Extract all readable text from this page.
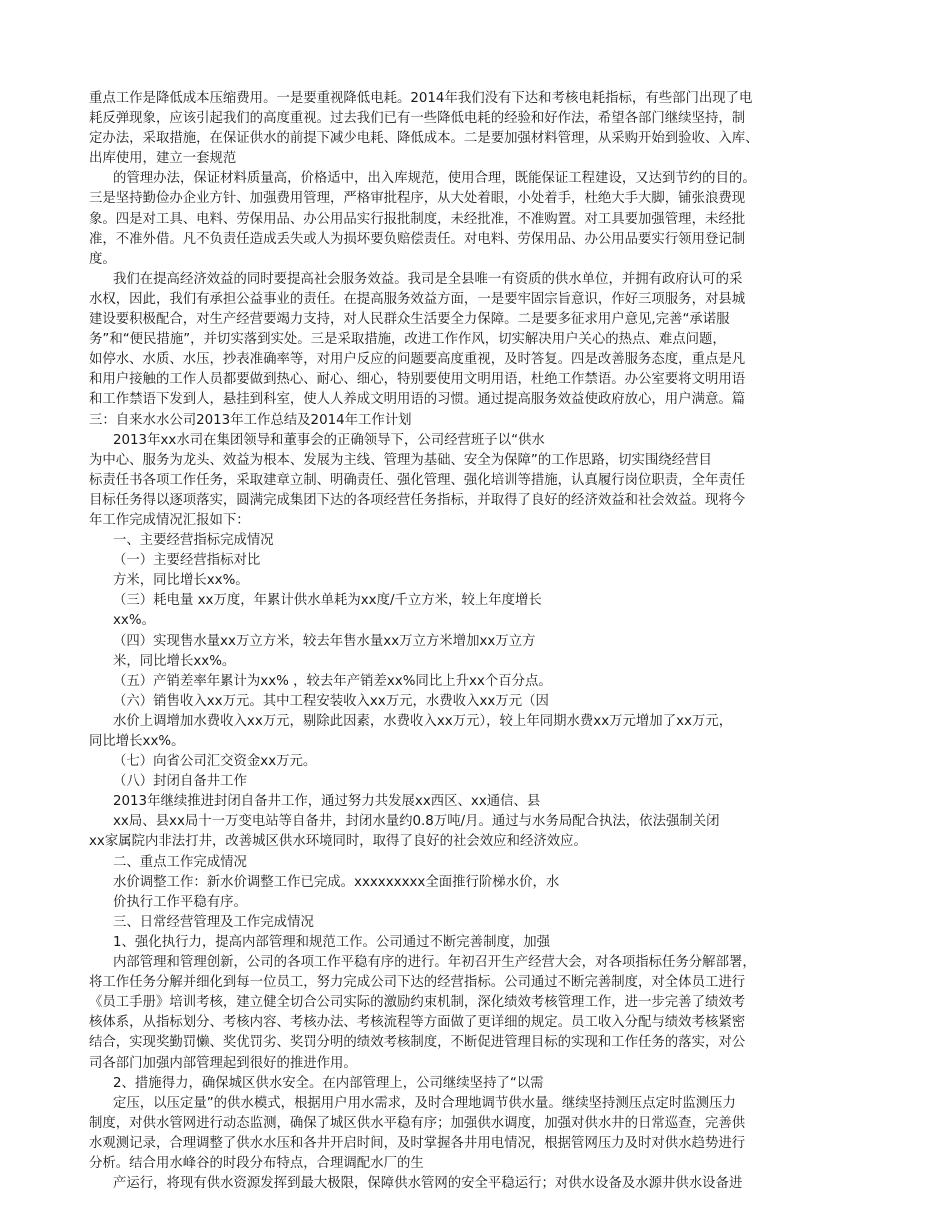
重点工作是降低成本压缩费用。一是要重视降低电耗。2014年我们没有下达和考核电耗指标，有些部门出现了电
耗反弹现象，应该引起我们的高度重视。过去我们已有一些降低电耗的经验和好作法，希望各部门继续坚持，制
定办法，采取措施，在保证供水的前提下减少电耗、降低成本。二是要加强材料管理，从采购开始到验收、入库、
出库使用，建立一套规范
的管理办法，保证材料质量高，价格适中，出入库规范，使用合理，既能保证工程建设，又达到节约的目的。
三是坚持勤俭办企业方针、加强费用管理，严格审批程序，从大处着眼，小处着手，杜绝大手大脚，铺张浪费现
象。四是对工具、电料、劳保用品、办公用品实行报批制度，未经批准，不准购置。对工具要加强管理，未经批
准，不准外借。凡不负责任造成丢失或人为损坏要负赔偿责任。对电料、劳保用品、办公用品要实行领用登记制
度。
我们在提高经济效益的同时要提高社会服务效益。我司是全县唯一有资质的供水单位，并拥有政府认可的采
水权，因此，我们有承担公益事业的责任。在提高服务效益方面，一是要牢固宗旨意识，作好三项服务，对县城
建设要积极配合，对生产经营要竭力支持，对人民群众生活要全力保障。二是要多征求用户意见,完善“承诺服
务”和“便民措施”，并切实落到实处。三是采取措施，改进工作作风，切实解决用户关心的热点、难点问题，
如停水、水质、水压，抄表准确率等，对用户反应的问题要高度重视，及时答复。四是改善服务态度，重点是凡
和用户接触的工作人员都要做到热心、耐心、细心，特别要使用文明用语，杜绝工作禁语。办公室要将文明用语
和工作禁语下发到人，悬挂到科室，使人人养成文明用语的习惯。通过提高服务效益使政府放心，用户满意。篇
三：自来水水公司2013年工作总结及2014年工作计划
2013年xx水司在集团领导和董事会的正确领导下，公司经营班子以“供水
为中心、服务为龙头、效益为根本、发展为主线、管理为基础、安全为保障”的工作思路，切实围绕经营目
标责任书各项工作任务，采取建章立制、明确责任、强化管理、强化培训等措施，认真履行岗位职责，全年责任
目标任务得以逐项落实，圆满完成集团下达的各项经营任务指标，并取得了良好的经济效益和社会效益。现将今
年工作完成情况汇报如下：
一、主要经营指标完成情况
（一）主要经营指标对比
方米，同比增长xx%。
（三）耗电量 xx万度，年累计供水单耗为xx度/千立方米，较上年度增长
xx%。
（四）实现售水量xx万立方米，较去年售水量xx万立方米增加xx万立方
米，同比增长xx%。
（五）产销差率年累计为xx% ，较去年产销差xx%同比上升xx个百分点。
（六）销售收入xx万元。其中工程安装收入xx万元，水费收入xx万元（因
水价上调增加水费收入xx万元，剔除此因素，水费收入xx万元），较上年同期水费xx万元增加了xx万元，
同比增长xx%。
（七）向省公司汇交资金xx万元。
（八）封闭自备井工作
2013年继续推进封闭自备井工作，通过努力共发展xx西区、xx通信、县
xx局、县xx局十一万变电站等自备井，封闭水量约0.8万吨/月。通过与水务局配合执法，依法强制关闭
xx家属院内非法打井，改善城区供水环境同时，取得了良好的社会效应和经济效应。
二、重点工作完成情况
水价调整工作：新水价调整工作已完成。xxxxxxxxx全面推行阶梯水价，水
价执行工作平稳有序。
三、日常经营管理及工作完成情况
1、强化执行力，提高内部管理和规范工作。公司通过不断完善制度，加强
内部管理和管理创新，公司的各项工作平稳有序的进行。年初召开生产经营大会，对各项指标任务分解部署，
将工作任务分解并细化到每一位员工，努力完成公司下达的经营指标。公司通过不断完善制度，对全体员工进行
《员工手册》培训考核，建立健全切合公司实际的激励约束机制，深化绩效考核管理工作，进一步完善了绩效考
核体系，从指标划分、考核内容、考核办法、考核流程等方面做了更详细的规定。员工收入分配与绩效考核紧密
结合，实现奖勤罚懒、奖优罚劣、奖罚分明的绩效考核制度，不断促进管理目标的实现和工作任务的落实，对公
司各部门加强内部管理起到很好的推进作用。
2、措施得力，确保城区供水安全。在内部管理上，公司继续坚持了“以需
定压，以压定量”的供水模式，根据用户用水需求，及时合理地调节供水量。继续坚持测压点定时监测压力
制度，对供水管网进行动态监测，确保了城区供水平稳有序；加强供水调度，加强对供水井的日常巡查，完善供
水观测记录，合理调整了供水水压和各井开启时间，及时掌握各井用电情况，根据管网压力及时对供水趋势进行
分析。结合用水峰谷的时段分布特点，合理调配水厂的生
产运行，将现有供水资源发挥到最大极限，保障供水管网的安全平稳运行；对供水设备及水源井供水设备进
